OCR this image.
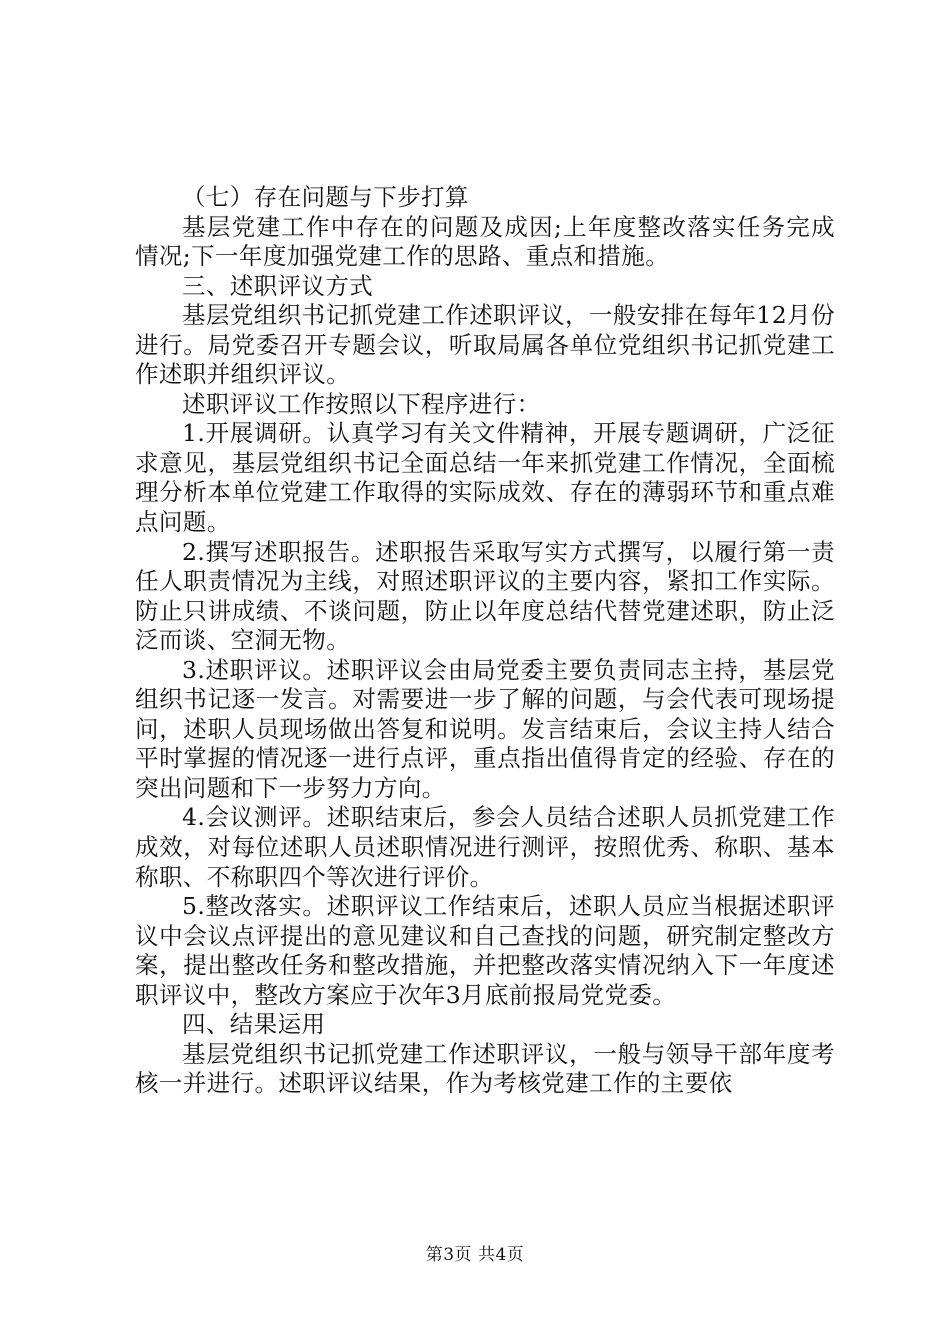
（七）存在问题与下步打算

基层党建工作中存在的问题及成因;上年度整改落实任务完成情况;下一年度加强党建工作的思路、重点和措施。

三、述职评议方式

基层党组织书记抓党建工作述职评议，一般安排在每年12月份进行。局党委召开专题会议，听取局属各单位党组织书记抓党建工作述职并组织评议。

述职评议工作按照以下程序进行：

1.开展调研。认真学习有关文件精神，开展专题调研，广泛征求意见，基层党组织书记全面总结一年来抓党建工作情况，全面梳理分析本单位党建工作取得的实际成效、存在的薄弱环节和重点难点问题。

2.撰写述职报告。述职报告采取写实方式撰写，以履行第一责任人职责情况为主线，对照述职评议的主要内容，紧扣工作实际。防止只讲成绩、不谈问题，防止以年度总结代替党建述职，防止泛泛而谈、空洞无物。

3.述职评议。述职评议会由局党委主要负责同志主持，基层党组织书记逐一发言。对需要进一步了解的问题，与会代表可现场提问，述职人员现场做出答复和说明。发言结束后，会议主持人结合平时掌握的情况逐一进行点评，重点指出值得肯定的经验、存在的突出问题和下一步努力方向。

4.会议测评。述职结束后，参会人员结合述职人员抓党建工作成效，对每位述职人员述职情况进行测评，按照优秀、称职、基本称职、不称职四个等次进行评价。

5.整改落实。述职评议工作结束后，述职人员应当根据述职评议中会议点评提出的意见建议和自己查找的问题，研究制定整改方案，提出整改任务和整改措施，并把整改落实情况纳入下一年度述职评议中，整改方案应于次年3月底前报局党党委。

四、结果运用

基层党组织书记抓党建工作述职评议，一般与领导干部年度考核一并进行。述职评议结果，作为考核党建工作的主要依

第3页 共4页
